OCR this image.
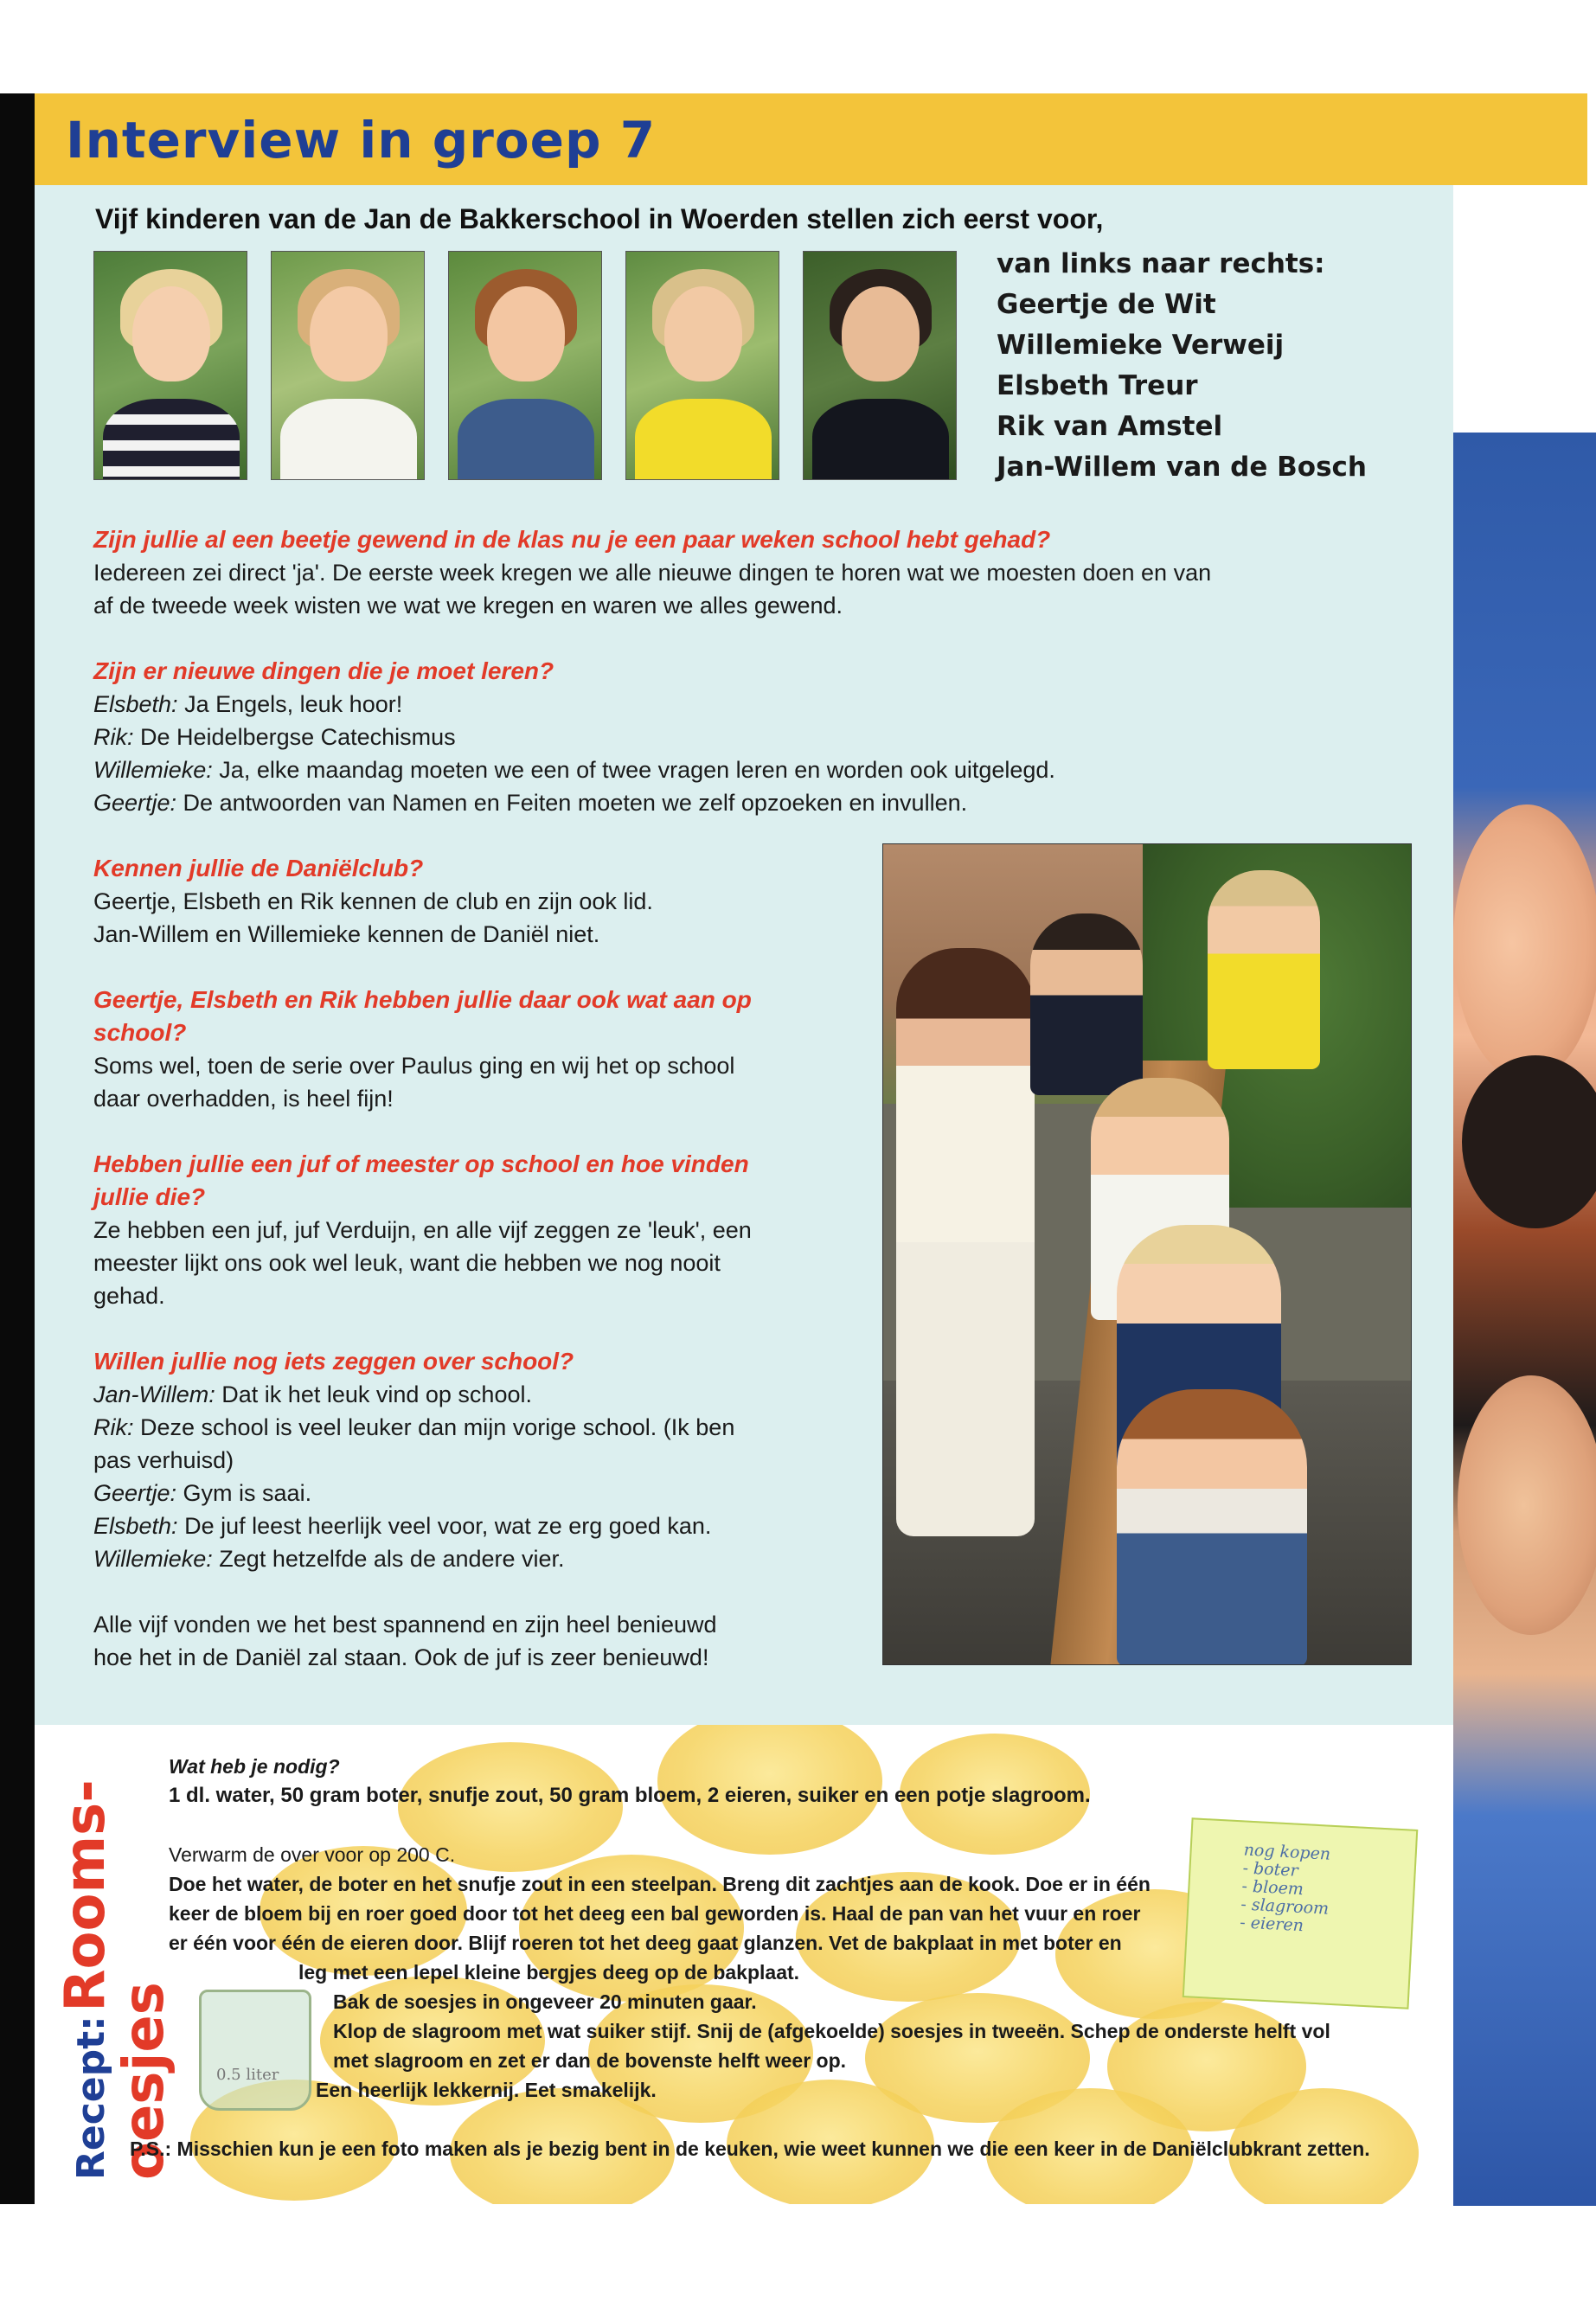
Interview in groep 7
Vijf kinderen van de Jan de Bakkerschool in Woerden stellen zich eerst voor,
van links naar rechts:
Geertje de Wit
Willemieke Verweij
Elsbeth Treur
Rik van Amstel
Jan-Willem van de Bosch
Zijn jullie al een beetje gewend in de klas nu je een paar weken school hebt gehad?
Iedereen zei direct 'ja'. De eerste week kregen we alle nieuwe dingen te horen wat we moesten doen en van
af de tweede week wisten we wat we kregen en waren we alles gewend.
Zijn er nieuwe dingen die je moet leren?
Elsbeth: Ja Engels, leuk hoor!
Rik: De Heidelbergse Catechismus
Willemieke: Ja, elke maandag moeten we een of twee vragen leren en worden ook uitgelegd.
Geertje: De antwoorden van Namen en Feiten moeten we zelf opzoeken en invullen.
Kennen jullie de Daniëlclub?
Geertje, Elsbeth en Rik kennen de club en zijn ook lid.
Jan-Willem en Willemieke kennen de Daniël niet.
Geertje, Elsbeth en Rik hebben jullie daar ook wat aan op
school?
Soms wel, toen de serie over Paulus ging en wij het op school
daar overhadden, is heel fijn!
Hebben jullie een juf of meester op school en hoe vinden
jullie die?
Ze hebben een juf, juf Verduijn, en alle vijf zeggen ze 'leuk', een
meester lijkt ons ook wel leuk, want die hebben we nog nooit
gehad.
Willen jullie nog iets zeggen over school?
Jan-Willem: Dat ik het leuk vind op school.
Rik: Deze school is veel leuker dan mijn vorige school. (Ik ben
pas verhuisd)
Geertje: Gym is saai.
Elsbeth: De juf leest heerlijk veel voor, wat ze erg goed kan.
Willemieke: Zegt hetzelfde als de andere vier.
Alle vijf vonden we het best spannend en zijn heel benieuwd
hoe het in de Daniël zal staan. Ook de juf is zeer benieuwd!
Recept: Rooms-
oesjes
nog kopen
- boter
- bloem
- slagroom
- eieren
0.5 liter
Wat heb je nodig?
1 dl. water, 50 gram boter, snufje zout, 50 gram bloem, 2 eieren, suiker en een potje slagroom.
Verwarm de over voor op 200 C.
Doe het water, de boter en het snufje zout in een steelpan. Breng dit zachtjes aan de kook. Doe er in één
keer de bloem bij en roer goed door tot het deeg een bal geworden is. Haal de pan van het vuur en roer
er één voor één de eieren door. Blijf roeren tot het deeg gaat glanzen. Vet de bakplaat in met boter en
leg met een lepel kleine bergjes deeg op de bakplaat.
Bak de soesjes in ongeveer 20 minuten gaar.
Klop de slagroom met wat suiker stijf. Snij de (afgekoelde) soesjes in tweeën. Schep de onderste helft vol
met slagroom en zet er dan de bovenste helft weer op.
Een heerlijk lekkernij. Eet smakelijk.
P.S.: Misschien kun je een foto maken als je bezig bent in de keuken, wie weet kunnen we die een keer in de Daniëlclubkrant zetten.
